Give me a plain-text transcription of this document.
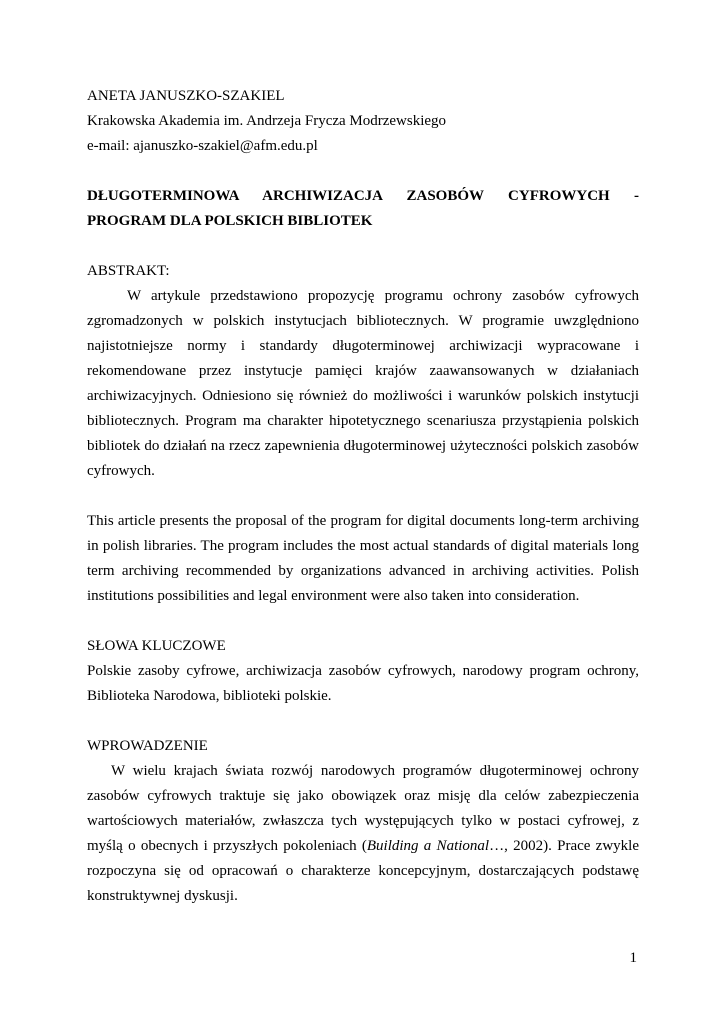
ANETA JANUSZKO-SZAKIEL

Krakowska Akademia im. Andrzeja Frycza Modrzewskiego

e-mail: ajanuszko-szakiel@afm.edu.pl

DŁUGOTERMINOWA ARCHIWIZACJA ZASOBÓW CYFROWYCH - PROGRAM DLA POLSKICH BIBLIOTEK

ABSTRAKT:

W artykule przedstawiono propozycję programu ochrony zasobów cyfrowych zgromadzonych w polskich instytucjach bibliotecznych. W programie uwzględniono najistotniejsze normy i standardy długoterminowej archiwizacji wypracowane i rekomendowane przez instytucje pamięci krajów zaawansowanych w działaniach archiwizacyjnych. Odniesiono się również do możliwości i warunków polskich instytucji bibliotecznych. Program ma charakter hipotetycznego scenariusza przystąpienia polskich bibliotek do działań na rzecz zapewnienia długoterminowej użyteczności polskich zasobów cyfrowych.

This article presents the proposal of the program for digital documents long-term archiving in polish libraries. The program includes the most actual standards of digital materials long term archiving recommended by organizations advanced in archiving activities. Polish institutions possibilities and legal environment were also taken into consideration.

SŁOWA KLUCZOWE

Polskie zasoby cyfrowe, archiwizacja zasobów cyfrowych, narodowy program ochrony, Biblioteka Narodowa, biblioteki polskie.

WPROWADZENIE

W wielu krajach świata rozwój narodowych programów długoterminowej ochrony zasobów cyfrowych traktuje się jako obowiązek oraz misję dla celów zabezpieczenia wartościowych materiałów, zwłaszcza tych występujących tylko w postaci cyfrowej, z myślą o obecnych i przyszłych pokoleniach (Building a National…, 2002). Prace zwykle rozpoczyna się od opracowań o charakterze koncepcyjnym, dostarczających podstawę konstruktywnej dyskusji.

1
